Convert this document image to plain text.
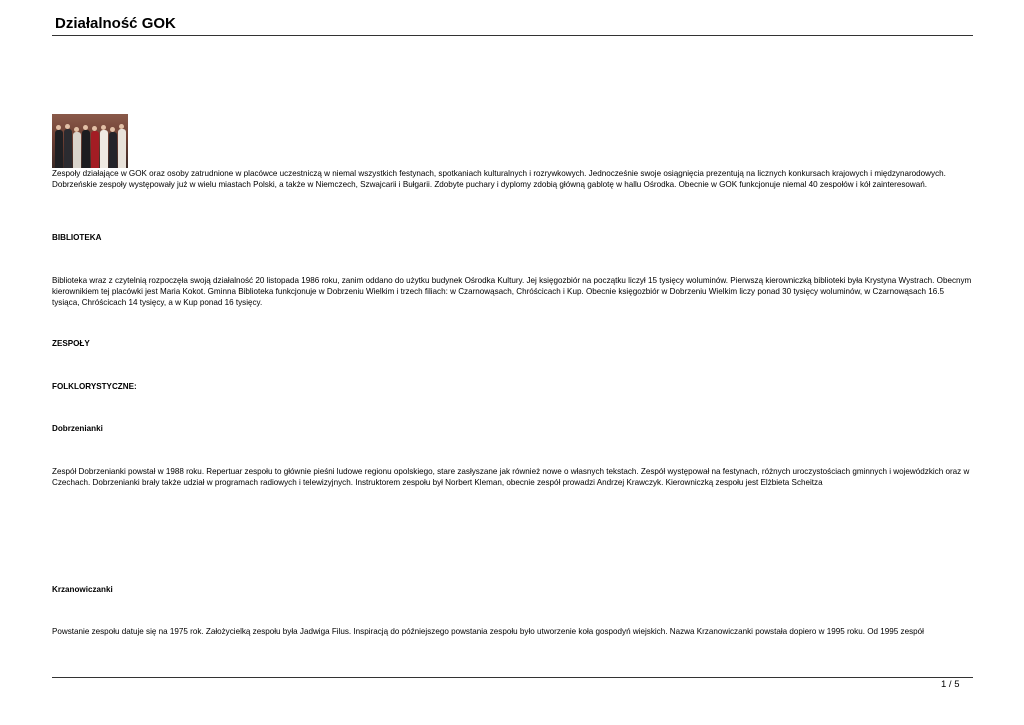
Działalność GOK

Zespoły działające w GOK oraz osoby zatrudnione w placówce uczestniczą w niemal wszystkich festynach, spotkaniach kulturalnych i rozrywkowych. Jednocześnie swoje osiągnięcia prezentują na licznych konkursach krajowych i międzynarodowych. Dobrzeńskie zespoły występowały już w wielu miastach Polski, a także w Niemczech, Szwajcarii i Bułgarii. Zdobyte puchary i dyplomy zdobią główną gablotę w hallu Ośrodka. Obecnie w GOK funkcjonuje niemal 40 zespołów i kół zainteresowań.

BIBLIOTEKA

Biblioteka wraz z czytelnią rozpoczęła swoją działalność 20 listopada 1986 roku, zanim oddano do użytku budynek Ośrodka Kultury. Jej księgozbiór na początku liczył 15 tysięcy woluminów. Pierwszą kierowniczką biblioteki była Krystyna Wystrach. Obecnym kierownikiem tej placówki jest Maria Kokot. Gminna Biblioteka funkcjonuje w Dobrzeniu Wielkim i trzech filiach: w Czarnowąsach, Chróścicach i Kup. Obecnie księgozbiór w Dobrzeniu Wielkim liczy ponad 30 tysięcy woluminów, w Czarnowąsach 16.5 tysiąca, Chróścicach 14 tysięcy, a w Kup ponad 16 tysięcy.

ZESPOŁY

FOLKLORYSTYCZNE:

Dobrzenianki

Zespół Dobrzenianki powstał w 1988 roku. Repertuar zespołu to głównie pieśni ludowe regionu opolskiego, stare zasłyszane jak również nowe o własnych tekstach. Zespół występował na festynach, różnych uroczystościach gminnych i wojewódzkich oraz w Czechach. Dobrzenianki brały także udział w programach radiowych i telewizyjnych. Instruktorem zespołu był Norbert Kleman, obecnie zespół prowadzi Andrzej Krawczyk. Kierowniczką zespołu jest Elżbieta Scheitza

Krzanowiczanki

Powstanie zespołu datuje się na 1975 rok. Założycielką zespołu była Jadwiga Filus. Inspiracją do późniejszego powstania zespołu było utworzenie koła gospodyń wiejskich. Nazwa Krzanowiczanki powstała dopiero w 1995 roku. Od 1995 zespół

1 / 5
